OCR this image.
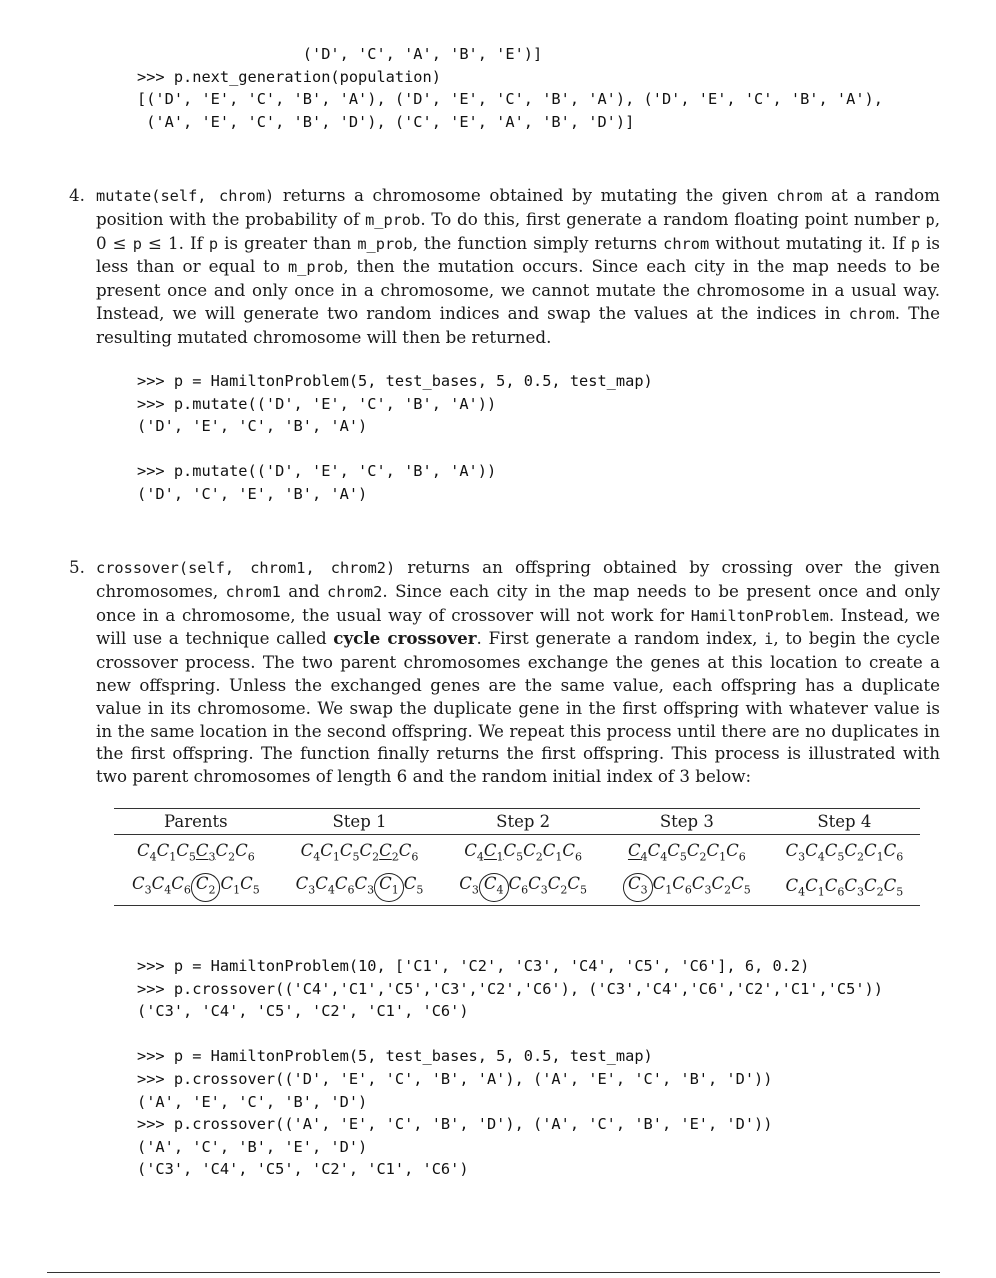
('D', 'C', 'A', 'B', 'E')]
>>> p.next_generation(population)
[('D', 'E', 'C', 'B', 'A'), ('D', 'E', 'C', 'B', 'A'), ('D', 'E', 'C', 'B', 'A'),
('A', 'E', 'C', 'B', 'D'), ('C', 'E', 'A', 'B', 'D')]
4. mutate(self, chrom) returns a chromosome obtained by mutating the given chrom at a random position with the probability of m_prob. To do this, first generate a random floating point number p, 0 ≤ p ≤ 1. If p is greater than m_prob, the function simply returns chrom without mutating it. If p is less than or equal to m_prob, then the mutation occurs. Since each city in the map needs to be present once and only once in a chromosome, we cannot mutate the chromosome in a usual way. Instead, we will generate two random indices and swap the values at the indices in chrom. The resulting mutated chromosome will then be returned.

>>> p = HamiltonProblem(5, test_bases, 5, 0.5, test_map)
>>> p.mutate(('D', 'E', 'C', 'B', 'A'))
('D', 'E', 'C', 'B', 'A')

>>> p.mutate(('D', 'E', 'C', 'B', 'A'))
('D', 'C', 'E', 'B', 'A')
5. crossover(self, chrom1, chrom2) returns an offspring obtained by crossing over the given chromosomes, chrom1 and chrom2. Since each city in the map needs to be present once and only once in a chromosome, the usual way of crossover will not work for HamiltonProblem. Instead, we will use a technique called cycle crossover. First generate a random index, i, to begin the cycle crossover process. The two parent chromosomes exchange the genes at this location to create a new offspring. Unless the exchanged genes are the same value, each offspring has a duplicate value in its chromosome. We swap the duplicate gene in the first offspring with whatever value is in the same location in the second offspring. We repeat this process until there are no duplicates in the first offspring. The function finally returns the first offspring. This process is illustrated with two parent chromosomes of length 6 and the random initial index of 3 below:

Parents	Step 1	Step 2	Step 3	Step 4
$C_4C_1C_5C_3C_2C_6$	$C_4C_1C_5C_2C_2C_6$	$C_4C_1C_5C_2C_1C_6$	$C_4C_4C_5C_2C_1C_6$	$C_3C_4C_5C_2C_1C_6$
$C_3C_4C_6$ $C_2$ $C_1C_5$	$C_3C_4C_6C_3$ $C_1$ $C_5$	$C_3$ $C_4$ $C_6C_3C_2C_5$	$C_3$ $C_1C_6C_3C_2C_5$	$C_4C_1C_6C_3C_2C_5$
>>> p = HamiltonProblem(10, ['C1', 'C2', 'C3', 'C4', 'C5', 'C6'], 6, 0.2)
>>> p.crossover(('C4','C1','C5','C3','C2','C6'), ('C3','C4','C6','C2','C1','C5'))
('C3', 'C4', 'C5', 'C2', 'C1', 'C6')

>>> p = HamiltonProblem(5, test_bases, 5, 0.5, test_map)
>>> p.crossover(('D', 'E', 'C', 'B', 'A'), ('A', 'E', 'C', 'B', 'D'))
('A', 'E', 'C', 'B', 'D')
>>> p.crossover(('A', 'E', 'C', 'B', 'D'), ('A', 'C', 'B', 'E', 'D'))
('A', 'C', 'B', 'E', 'D')
('C3', 'C4', 'C5', 'C2', 'C1', 'C6')
